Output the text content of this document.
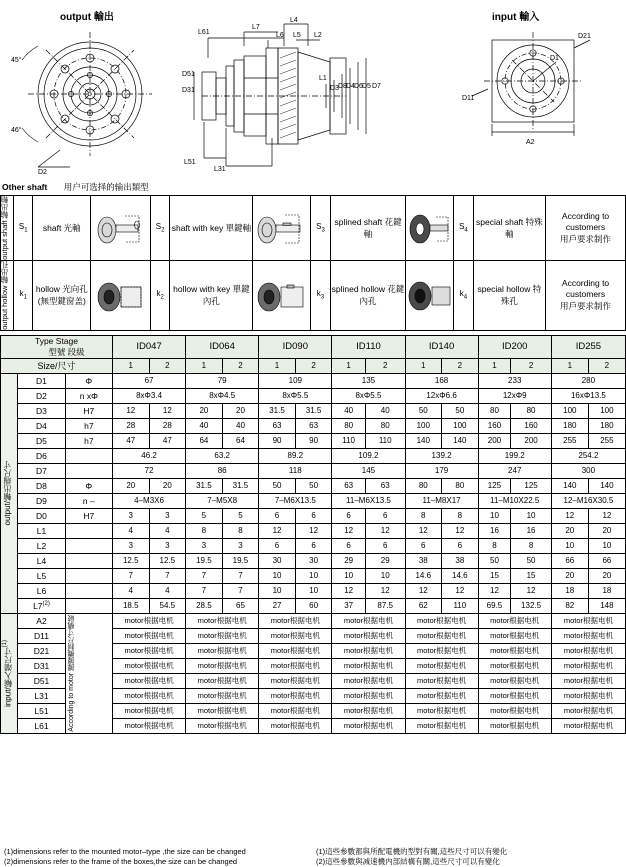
output 輸出	input 輸入
45°
46°
D2
L4
L61
L7
L6 L5 L2
L1
D3 D8 D4 D6 D5 D7
D51
D31
L51
L31
D21
D11
D1
A2
Other shaft 用户可选择的输出類型
output shaft 輸出軸	$S_1$	shaft 光軸		$S_2$	shaft with key 單鍵軸		$S_3$	splined shaft 花鍵軸		$S_4$	special shaft 特殊軸	According to customers
用戶要求制作

output hollow 輸出孔	$k_1$	hollow 光向孔(無型鍵窗盖)		$k_2$	hollow with key 單鍵內孔		$k_3$	splined hollow 花鍵內孔		$k_4$	special hollow 特殊孔	According to customers
用戶要求制作
Type Stage
型號 段級			ID047		ID064		ID090		ID110		ID140		ID200		ID255	
Size/尺寸			1	2	1	2	1	2	1	2	1	2	1	2	1	2

output/輸出端尺寸	D1	Φ	67		79		109		135		168		233		280	
	D2	n xΦ	8xΦ3.4		8xΦ4.5		8xΦ5.5		8xΦ5.5		12xΦ6.6		12xΦ9		16xΦ13.5	
	D3	H7	12	12	20	20	31.5	31.5	40	40	50	50	80	80	100	100
	D4	h7	28	28	40	40	63	63	80	80	100	100	160	160	180	180
	D5	h7	47	47	64	64	90	90	110	110	140	140	200	200	255	255
	D6		46.2		63.2		89.2		109.2		139.2		199.2		254.2	
	D7		72		86		118		145		179		247		300	
	D8	Φ	20	20	31.5	31.5	50	50	63	63	80	80	125	125	140	140
	D9	n –	4–M3X6		7–M5X8		7–M6X13.5		11–M6X13.5		11–M8X17		11–M10X22.5		12–M16X30.5	
	D0	H7	3	3	5	5	6	6	6	6	8	8	10	10	12	12
	L1		4	4	8	8	12	12	12	12	12	12	16	16	20	20
	L2		3	3	3	3	6	6	6	6	6	6	8	8	10	10
	L4		12.5	12.5	19.5	19.5	30	30	29	29	38	38	50	50	66	66
	L5		7	7	7	7	10	10	10	10	14.6	14.6	15	15	20	20
	L6		4	4	7	7	10	10	12	12	12	12	12	12	18	18
	L7$^{(2)}$		18.5	54.5	28.5	65	27	60	37	87.5	62	110	69.5	132.5	82	148

input/輸入端尺寸$^{(1)}$	A2	According to motor 據據機制尺寸構破	motor根据电机		motor根据电机		motor根据电机		motor根据电机		motor根据电机		motor根据电机		motor根据电机	
	D11		motor根据电机		motor根据电机		motor根据电机		motor根据电机		motor根据电机		motor根据电机		motor根据电机	
	D21		motor根据电机		motor根据电机		motor根据电机		motor根据电机		motor根据电机		motor根据电机		motor根据电机	
	D31		motor根据电机		motor根据电机		motor根据电机		motor根据电机		motor根据电机		motor根据电机		motor根据电机	
	D51		motor根据电机		motor根据电机		motor根据电机		motor根据电机		motor根据电机		motor根据电机		motor根据电机	
	L31		motor根据电机		motor根据电机		motor根据电机		motor根据电机		motor根据电机		motor根据电机		motor根据电机	
	L51		motor根据电机		motor根据电机		motor根据电机		motor根据电机		motor根据电机		motor根据电机		motor根据电机	
	L61		motor根据电机		motor根据电机		motor根据电机		motor根据电机		motor根据电机		motor根据电机		motor根据电机	
(1)dimensions refer to the mounted motor–type ,the size can be changed
(2)dimensions refer to the frame of the boxes,the size can be changed
(1)這些參數都與所配電機的型對有關,這些尺寸可以有變化
(2)這些參數與减速機内部結構有關,這些尺寸可以有變化
